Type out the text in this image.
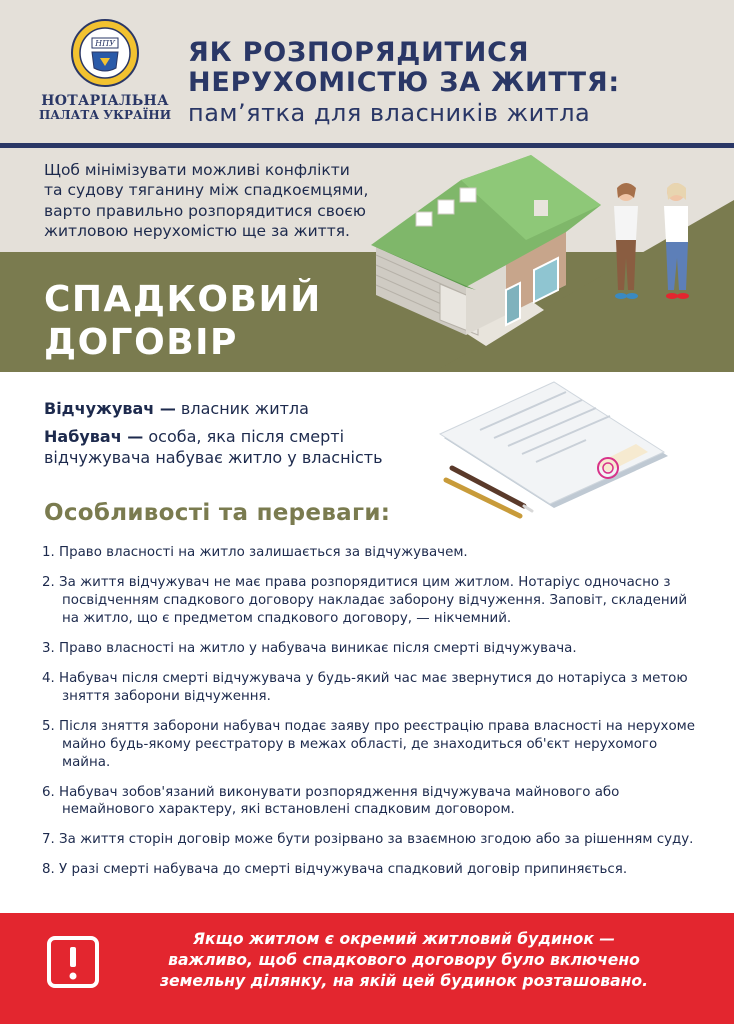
НПУ
НОТАРІАЛЬНА
ПАЛАТА УКРАЇНИ
ЯК РОЗПОРЯДИТИСЯ
НЕРУХОМІСТЮ ЗА ЖИТТЯ:
пам’ятка для власників житла
Щоб мінімізувати можливі конфлікти
та судову тяганину між спадкоємцями,
варто правильно розпорядитися своєю
житловою нерухомістю ще за життя.
СПАДКОВИЙ
ДОГОВІР

Відчужувач — власник житла

Набувач — особа, яка після смерті відчужувача набуває житло у власність

Особливості та переваги:
1. Право власності на житло залишається за відчужувачем.
2. За життя відчужувач не має права розпорядитися цим житлом. Нотаріус одночасно з посвідченням спадкового договору накладає заборону відчуження. Заповіт, складений на житло, що є предметом спадкового договору, — нікчемний.
3. Право власності на житло у набувача виникає після смерті відчужувача.
4. Набувач після смерті відчужувача у будь-який час має звернутися до нотаріуса з метою зняття заборони відчуження.
5. Після зняття заборони набувач подає заяву про реєстрацію права власності на нерухоме майно будь-якому реєстратору в межах області, де знаходиться об'єкт нерухомого майна.
6. Набувач зобов'язаний виконувати розпорядження відчужувача майнового або немайнового характеру, які встановлені спадковим договором.
7. За життя сторін договір може бути розірвано за взаємною згодою або за рішенням суду.
8. У разі смерті набувача до смерті відчужувача спадковий договір припиняється.
Якщо житлом є окремий житловий будинок —
важливо, щоб спадкового договору було включено
земельну ділянку, на якій цей будинок розташовано.
